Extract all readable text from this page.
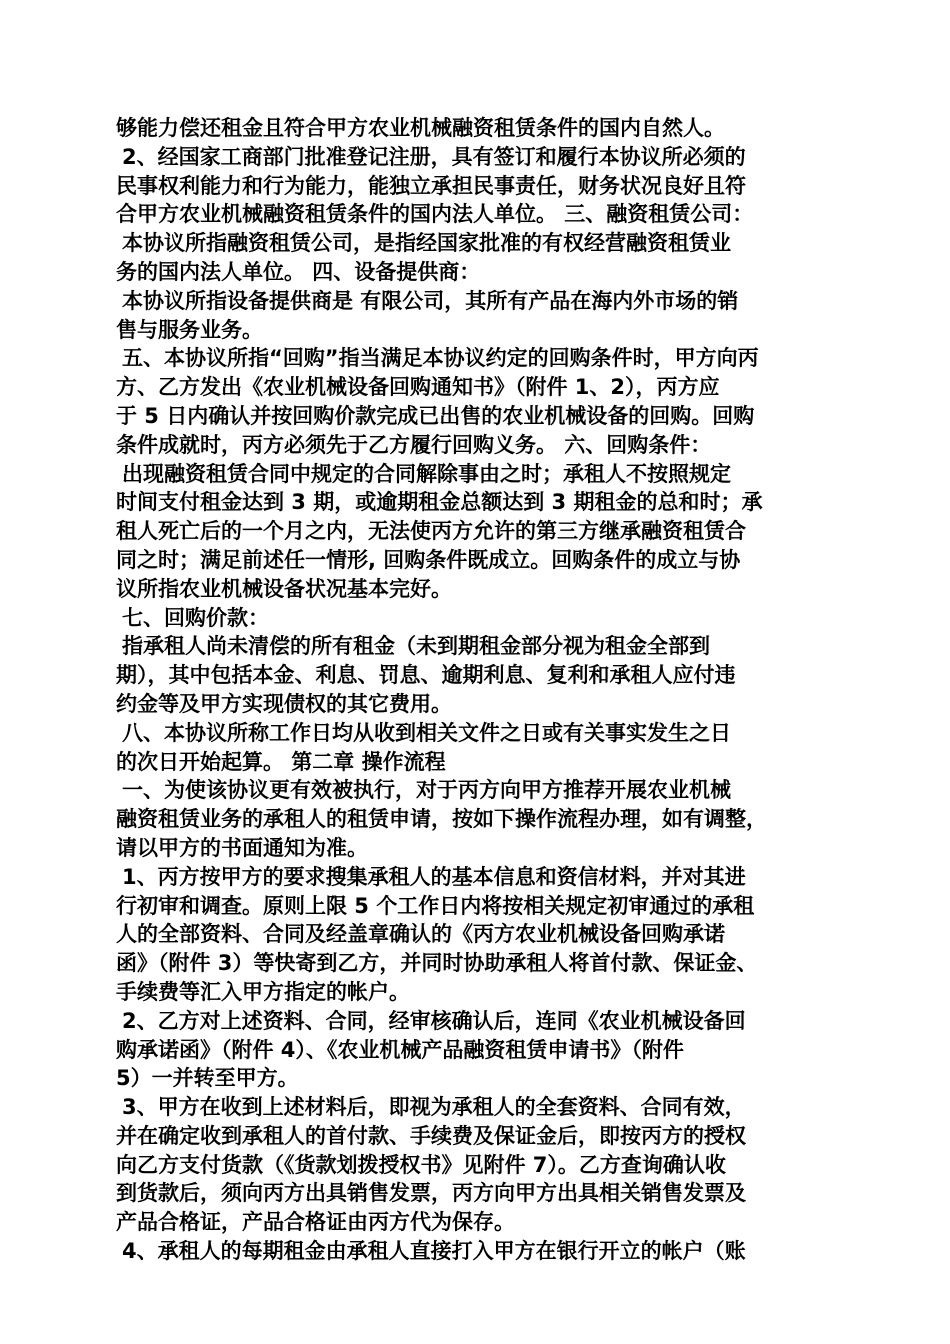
够能力偿还租金且符合甲方农业机械融资租赁条件的国内自然人。
2、经国家工商部门批准登记注册，具有签订和履行本协议所必须的
民事权利能力和行为能力，能独立承担民事责任，财务状况良好且符
合甲方农业机械融资租赁条件的国内法人单位。 三、融资租赁公司：
本协议所指融资租赁公司，是指经国家批准的有权经营融资租赁业
务的国内法人单位。 四、设备提供商：
本协议所指设备提供商是 有限公司，其所有产品在海内外市场的销
售与服务业务。
五、本协议所指“回购”指当满足本协议约定的回购条件时，甲方向丙
方、乙方发出《农业机械设备回购通知书》（附件 1、2），丙方应
于 5 日内确认并按回购价款完成已出售的农业机械设备的回购。回购
条件成就时，丙方必须先于乙方履行回购义务。 六、回购条件：
出现融资租赁合同中规定的合同解除事由之时；承租人不按照规定
时间支付租金达到 3 期，或逾期租金总额达到 3 期租金的总和时；承
租人死亡后的一个月之内，无法使丙方允许的第三方继承融资租赁合
同之时；满足前述任一情形, 回购条件既成立。回购条件的成立与协
议所指农业机械设备状况基本完好。
七、回购价款：
指承租人尚未清偿的所有租金（未到期租金部分视为租金全部到
期），其中包括本金、利息、罚息、逾期利息、复利和承租人应付违
约金等及甲方实现债权的其它费用。
八、本协议所称工作日均从收到相关文件之日或有关事实发生之日
的次日开始起算。 第二章 操作流程
一、为使该协议更有效被执行，对于丙方向甲方推荐开展农业机械
融资租赁业务的承租人的租赁申请，按如下操作流程办理，如有调整，
请以甲方的书面通知为准。
1、丙方按甲方的要求搜集承租人的基本信息和资信材料，并对其进
行初审和调查。原则上限 5 个工作日内将按相关规定初审通过的承租
人的全部资料、合同及经盖章确认的《丙方农业机械设备回购承诺
函》（附件 3）等快寄到乙方，并同时协助承租人将首付款、保证金、
手续费等汇入甲方指定的帐户。
2、乙方对上述资料、合同，经审核确认后，连同《农业机械设备回
购承诺函》（附件 4）、《农业机械产品融资租赁申请书》（附件
5）一并转至甲方。
3、甲方在收到上述材料后，即视为承租人的全套资料、合同有效，
并在确定收到承租人的首付款、手续费及保证金后，即按丙方的授权
向乙方支付货款（《货款划拨授权书》见附件 7）。乙方查询确认收
到货款后，须向丙方出具销售发票，丙方向甲方出具相关销售发票及
产品合格证，产品合格证由丙方代为保存。
4、承租人的每期租金由承租人直接打入甲方在银行开立的帐户（账
